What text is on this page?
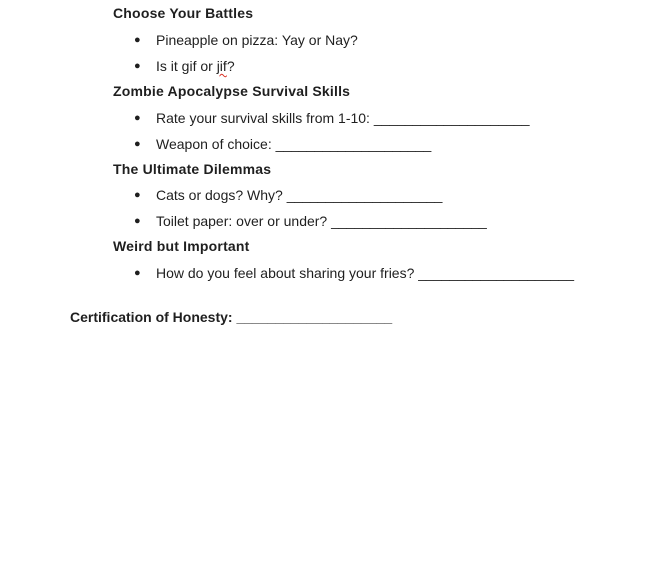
Choose Your Battles
●	Pineapple on pizza: Yay or Nay?
●	Is it gif or jif?
Zombie Apocalypse Survival Skills
●	Rate your survival skills from 1-10: ____________________
●	Weapon of choice: ____________________
The Ultimate Dilemmas
●	Cats or dogs? Why? ____________________
●	Toilet paper: over or under? ____________________
Weird but Important
●	How do you feel about sharing your fries? ____________________
Certification of Honesty: ____________________
